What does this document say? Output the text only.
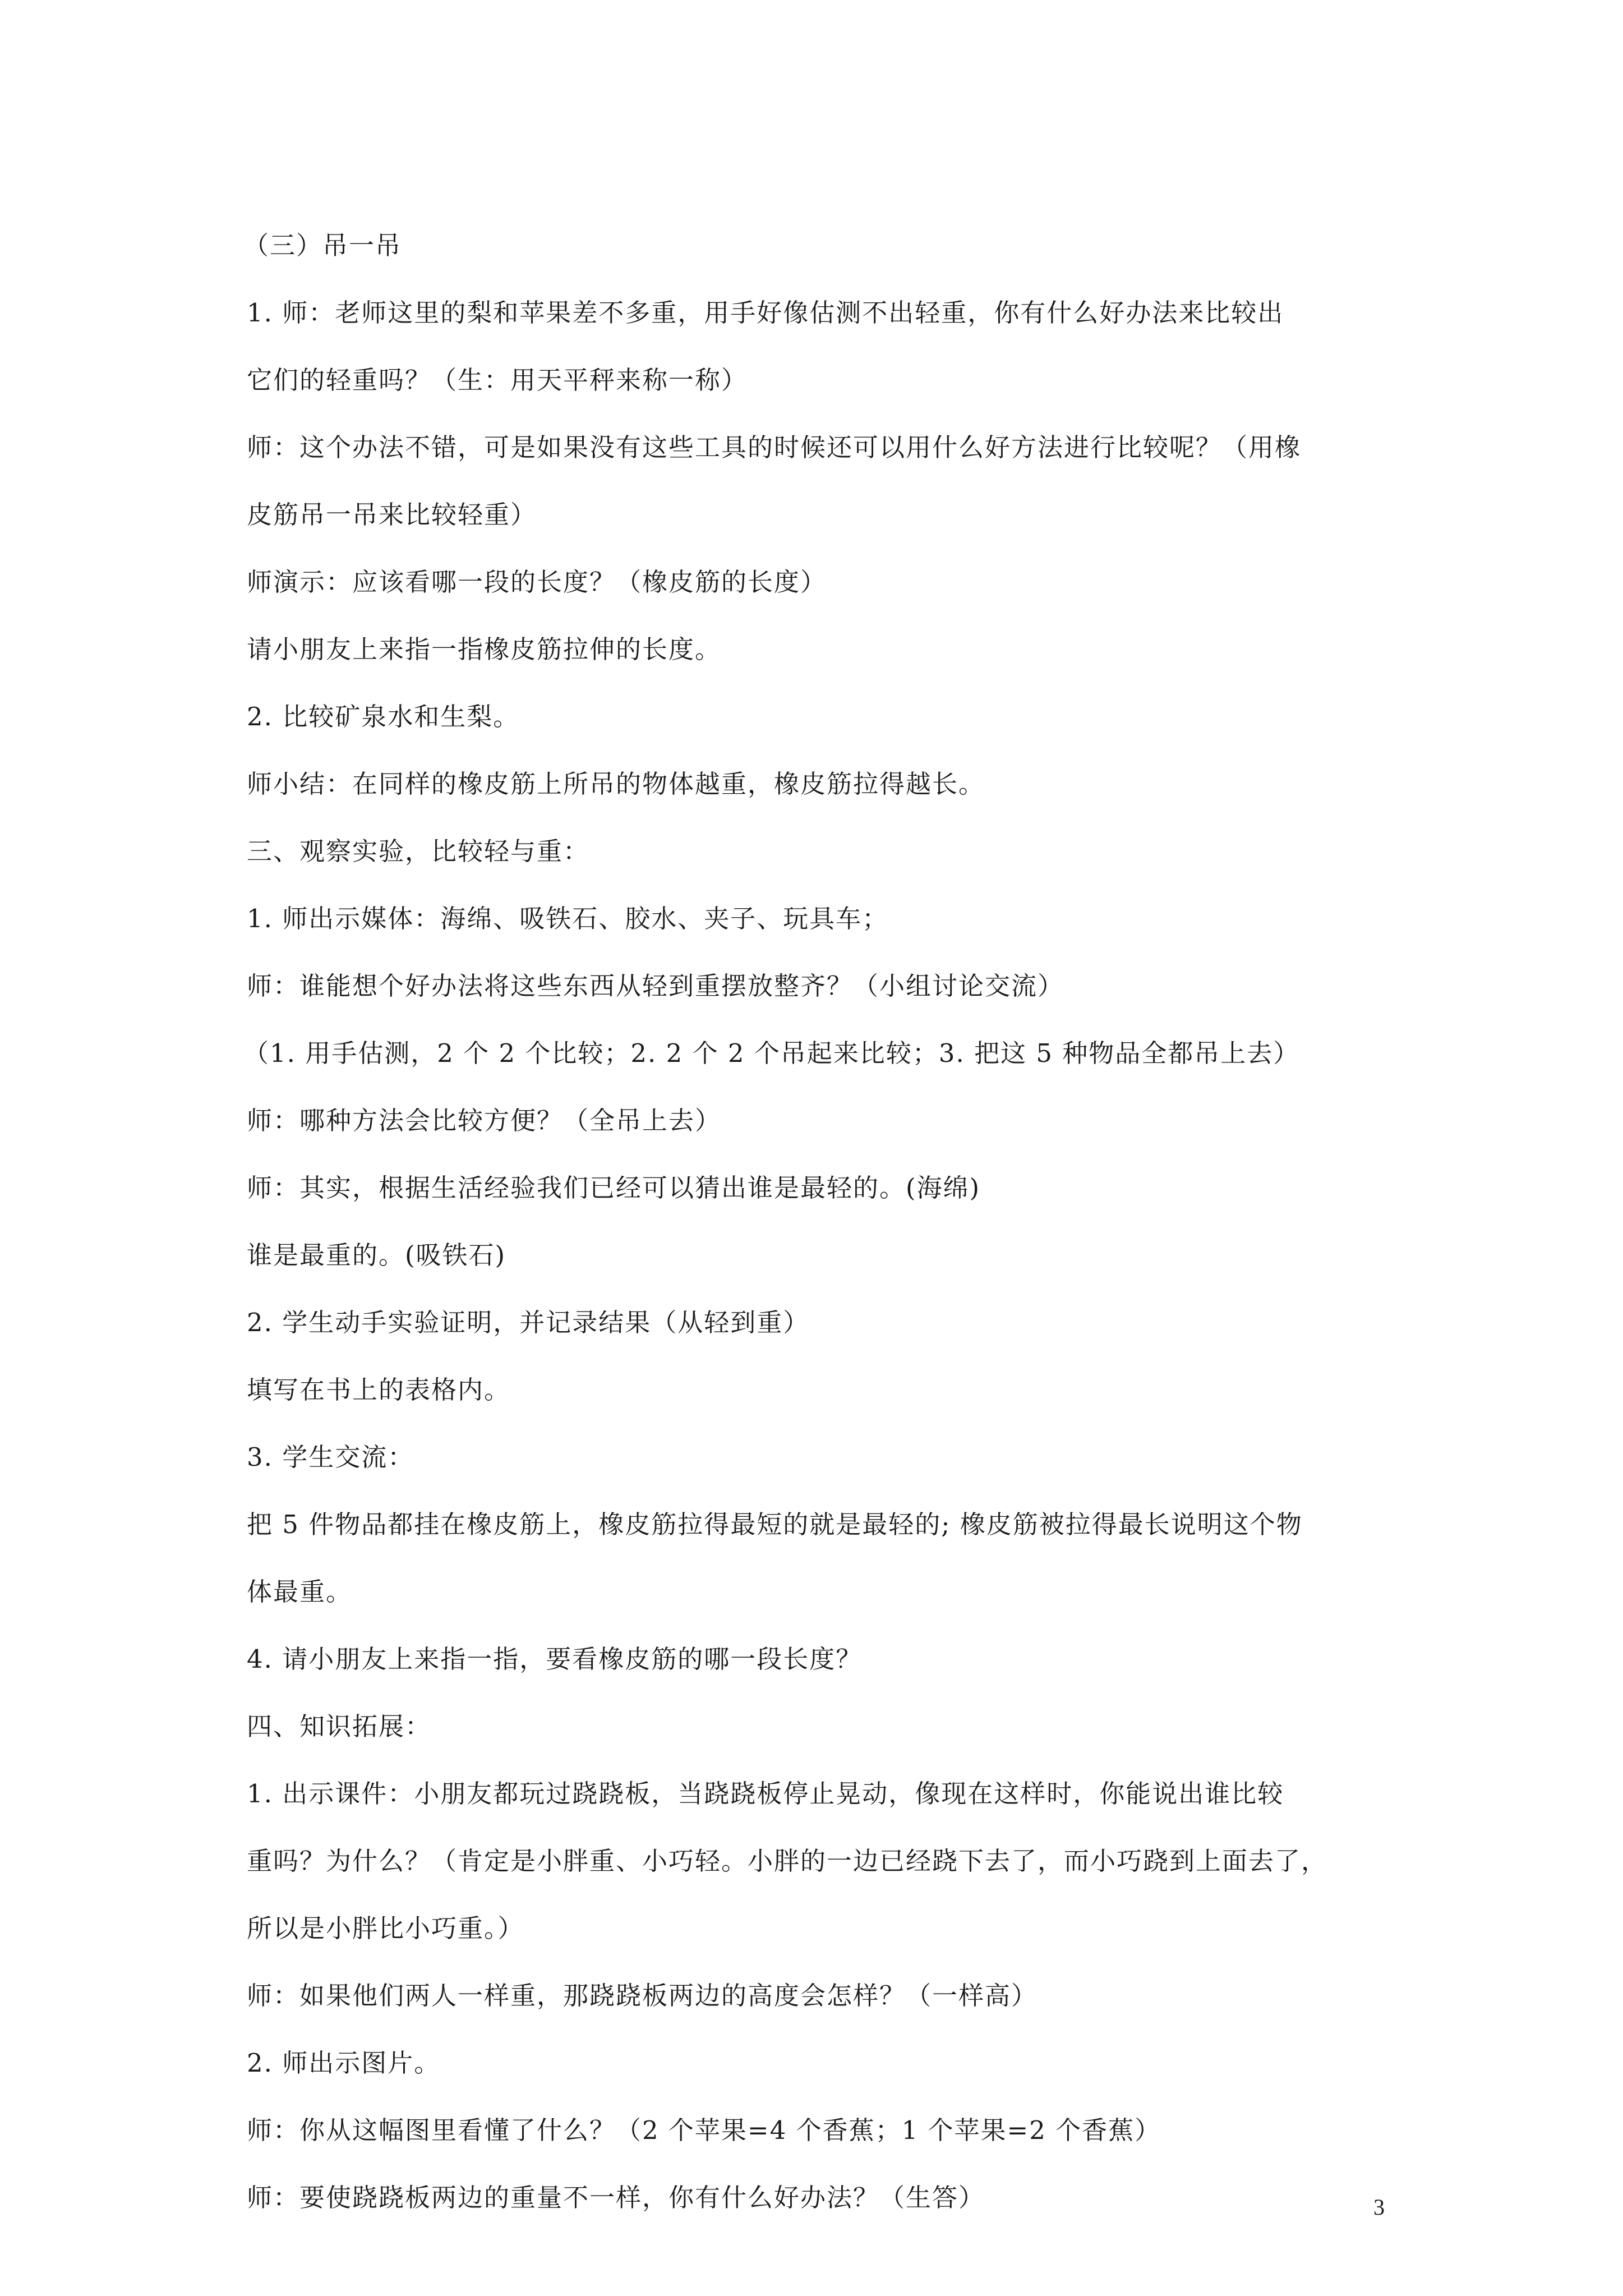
（三）吊一吊
1. 师：老师这里的梨和苹果差不多重，用手好像估测不出轻重，你有什么好办法来比较出
它们的轻重吗？（生：用天平秤来称一称）
师：这个办法不错，可是如果没有这些工具的时候还可以用什么好方法进行比较呢？（用橡
皮筋吊一吊来比较轻重）
师演示：应该看哪一段的长度？（橡皮筋的长度）
请小朋友上来指一指橡皮筋拉伸的长度。
2. 比较矿泉水和生梨。
师小结：在同样的橡皮筋上所吊的物体越重，橡皮筋拉得越长。
三、观察实验，比较轻与重：
1. 师出示媒体：海绵、吸铁石、胶水、夹子、玩具车；
师：谁能想个好办法将这些东西从轻到重摆放整齐？（小组讨论交流）
（1. 用手估测，2 个 2 个比较；2. 2 个 2 个吊起来比较；3. 把这 5 种物品全都吊上去）
师：哪种方法会比较方便？（全吊上去）
师：其实，根据生活经验我们已经可以猜出谁是最轻的。(海绵)
谁是最重的。(吸铁石)
2. 学生动手实验证明，并记录结果（从轻到重）
填写在书上的表格内。
3. 学生交流：
把 5 件物品都挂在橡皮筋上，橡皮筋拉得最短的就是最轻的; 橡皮筋被拉得最长说明这个物
体最重。
4. 请小朋友上来指一指，要看橡皮筋的哪一段长度？
四、知识拓展：
1. 出示课件：小朋友都玩过跷跷板，当跷跷板停止晃动，像现在这样时，你能说出谁比较
重吗？为什么？（肯定是小胖重、小巧轻。小胖的一边已经跷下去了，而小巧跷到上面去了，
所以是小胖比小巧重。）
师：如果他们两人一样重，那跷跷板两边的高度会怎样？（一样高）
2. 师出示图片。
师：你从这幅图里看懂了什么？（2 个苹果=4 个香蕉；1 个苹果=2 个香蕉）
师：要使跷跷板两边的重量不一样，你有什么好办法？（生答）	3
